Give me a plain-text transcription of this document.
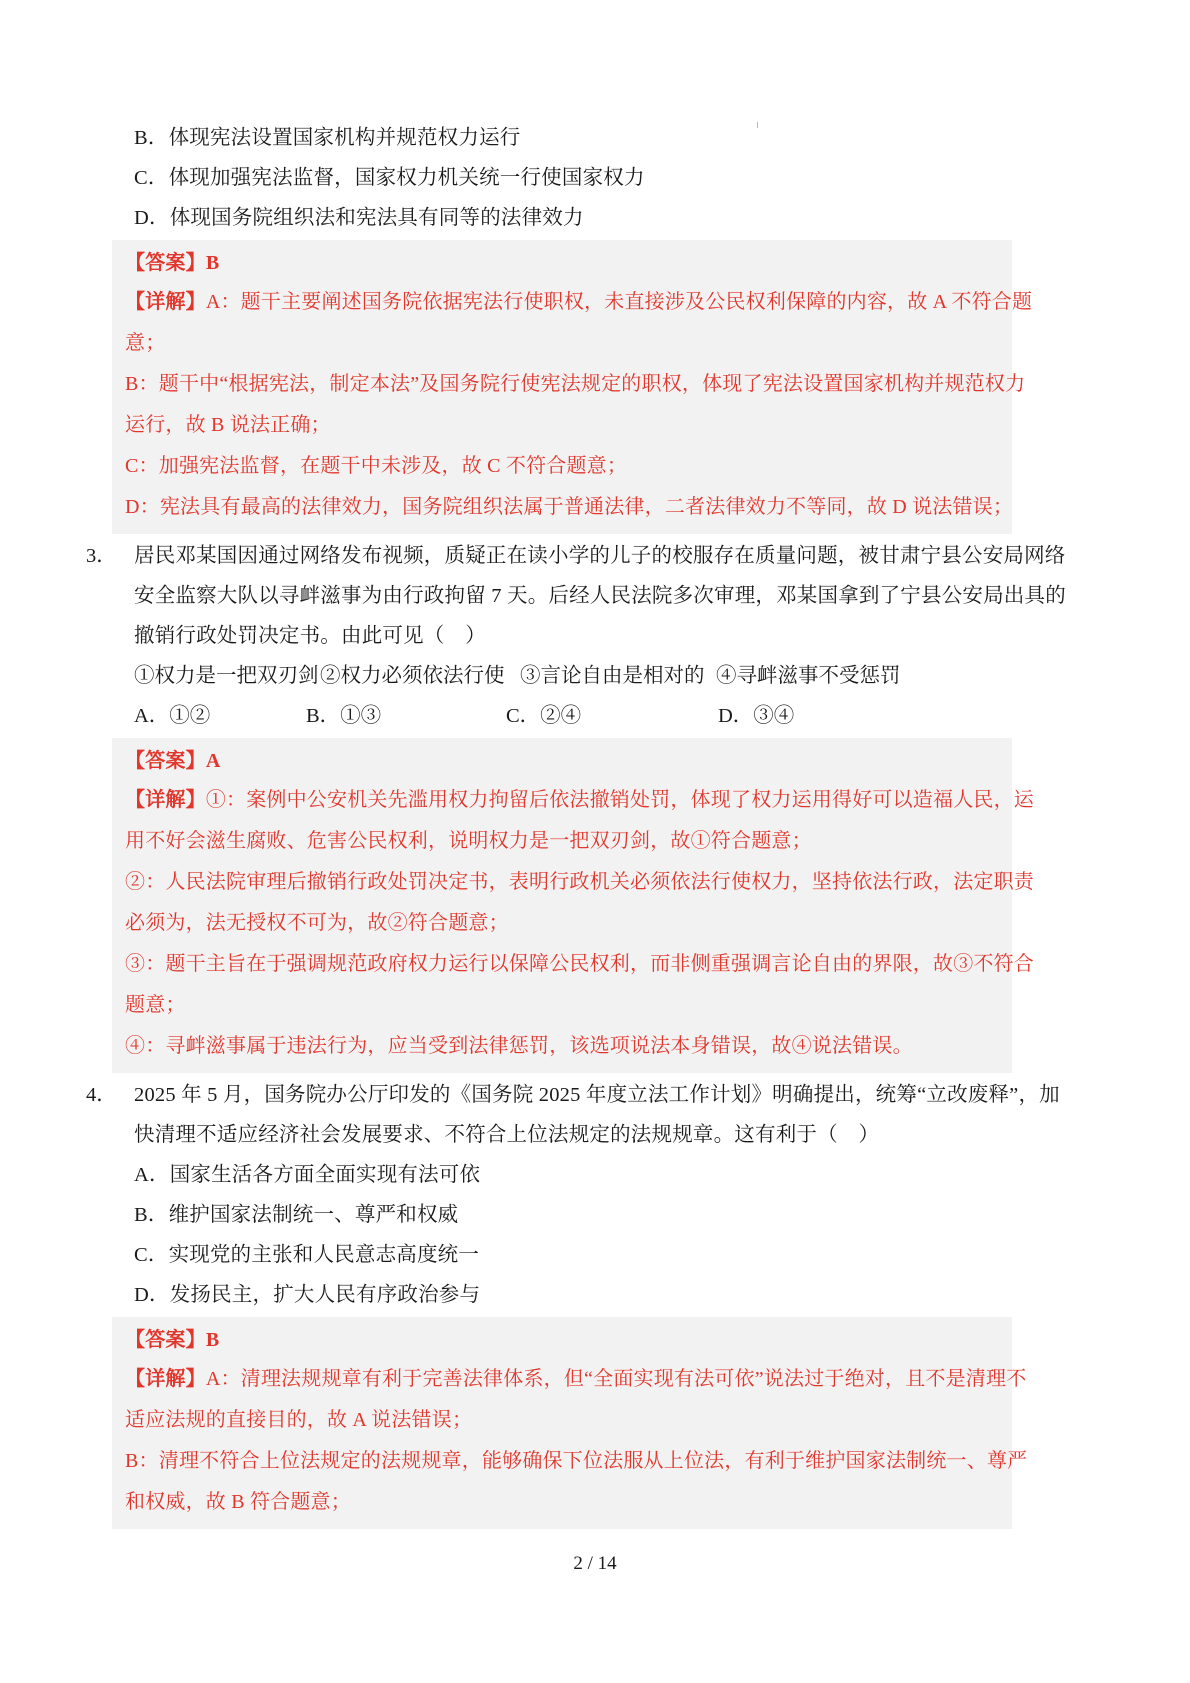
B．体现宪法设置国家机构并规范权力运行
C．体现加强宪法监督，国家权力机关统一行使国家权力
D．体现国务院组织法和宪法具有同等的法律效力
【答案】B
【详解】A：题干主要阐述国务院依据宪法行使职权，未直接涉及公民权利保障的内容，故 A 不符合题
意；
B：题干中“根据宪法，制定本法”及国务院行使宪法规定的职权，体现了宪法设置国家机构并规范权力
运行，故 B 说法正确；
C：加强宪法监督，在题干中未涉及，故 C 不符合题意；
D：宪法具有最高的法律效力，国务院组织法属于普通法律，二者法律效力不等同，故 D 说法错误；
3． 居民邓某国因通过网络发布视频，质疑正在读小学的儿子的校服存在质量问题，被甘肃宁县公安局网络
安全监察大队以寻衅滋事为由行政拘留 7 天。后经人民法院多次审理，邓某国拿到了宁县公安局出具的
撤销行政处罚决定书。由此可见（　）
①权力是一把双刃剑②权力必须依法行使 ③言论自由是相对的 ④寻衅滋事不受惩罚
A．①②	B．①③	C．②④	D．③④
【答案】A
【详解】①：案例中公安机关先滥用权力拘留后依法撤销处罚，体现了权力运用得好可以造福人民，运
用不好会滋生腐败、危害公民权利，说明权力是一把双刃剑，故①符合题意；
②：人民法院审理后撤销行政处罚决定书，表明行政机关必须依法行使权力，坚持依法行政，法定职责
必须为，法无授权不可为，故②符合题意；
③：题干主旨在于强调规范政府权力运行以保障公民权利，而非侧重强调言论自由的界限，故③不符合
题意；
④：寻衅滋事属于违法行为，应当受到法律惩罚，该选项说法本身错误，故④说法错误。
4． 2025 年 5 月，国务院办公厅印发的《国务院 2025 年度立法工作计划》明确提出，统筹“立改废释”，加
快清理不适应经济社会发展要求、不符合上位法规定的法规规章。这有利于（　）
A．国家生活各方面全面实现有法可依
B．维护国家法制统一、尊严和权威
C．实现党的主张和人民意志高度统一
D．发扬民主，扩大人民有序政治参与
【答案】B
【详解】A：清理法规规章有利于完善法律体系，但“全面实现有法可依”说法过于绝对，且不是清理不
适应法规的直接目的，故 A 说法错误；
B：清理不符合上位法规定的法规规章，能够确保下位法服从上位法，有利于维护国家法制统一、尊严
和权威，故 B 符合题意；
2 / 14
